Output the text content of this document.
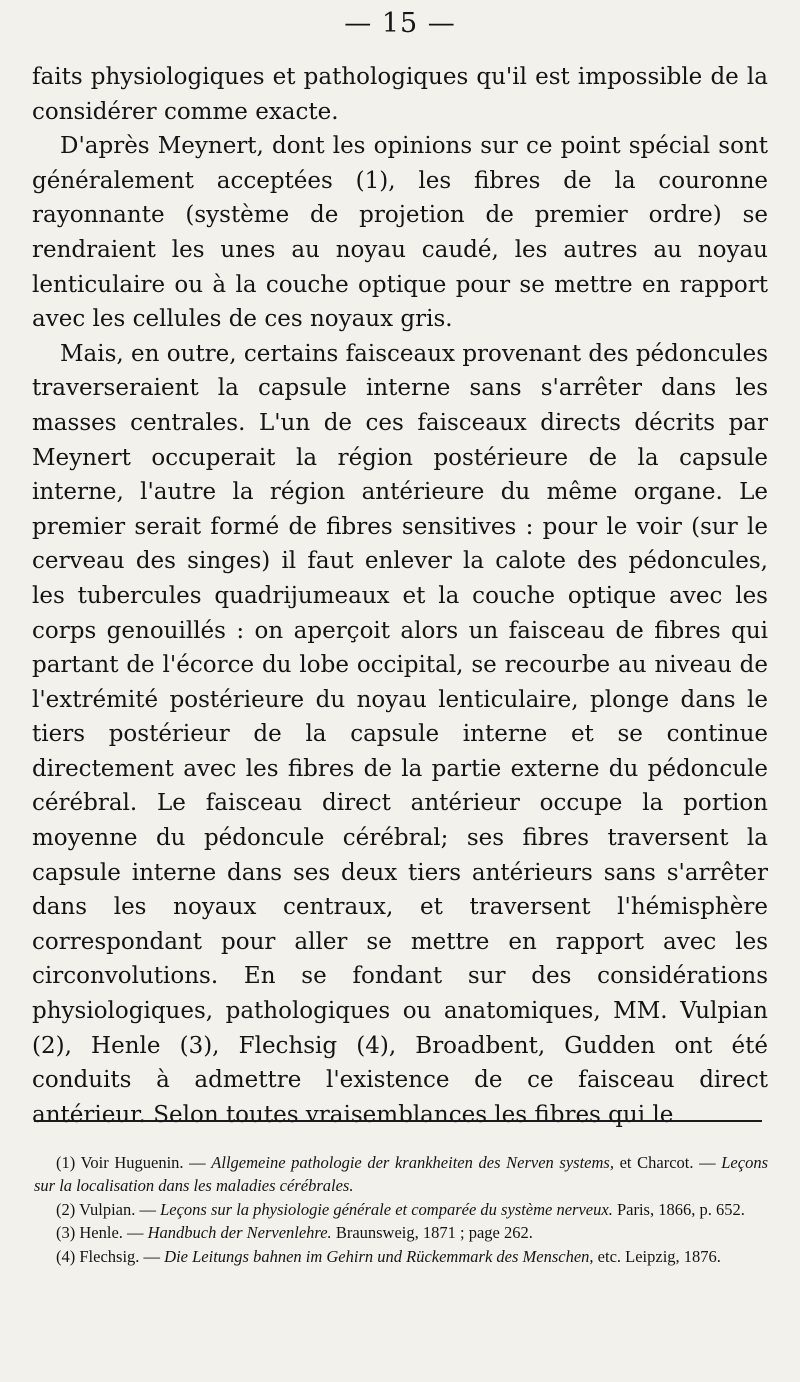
— 15 —

faits physiologiques et pathologiques qu'il est impossible de la considérer comme exacte.

D'après Meynert, dont les opinions sur ce point spécial sont généralement acceptées (1), les fibres de la couronne rayonnante (système de projetion de premier ordre) se rendraient les unes au noyau caudé, les autres au noyau lenticulaire ou à la couche optique pour se mettre en rapport avec les cellules de ces noyaux gris.

Mais, en outre, certains faisceaux provenant des pédoncules traverseraient la capsule interne sans s'arrêter dans les masses centrales. L'un de ces faisceaux directs décrits par Meynert occuperait la région postérieure de la capsule interne, l'autre la région antérieure du même organe. Le premier serait formé de fibres sensitives : pour le voir (sur le cerveau des singes) il faut enlever la calote des pédoncules, les tubercules quadrijumeaux et la couche optique avec les corps genouillés : on aperçoit alors un faisceau de fibres qui partant de l'écorce du lobe occipital, se recourbe au niveau de l'extrémité postérieure du noyau lenticulaire, plonge dans le tiers postérieur de la capsule interne et se continue directement avec les fibres de la partie externe du pédoncule cérébral. Le faisceau direct antérieur occupe la portion moyenne du pédoncule cérébral; ses fibres traversent la capsule interne dans ses deux tiers antérieurs sans s'arrêter dans les noyaux centraux, et traversent l'hémisphère correspondant pour aller se mettre en rapport avec les circonvolutions. En se fondant sur des considérations physiologiques, pathologiques ou anatomiques, MM. Vulpian (2), Henle (3), Flechsig (4), Broadbent, Gudden ont été conduits à admettre l'existence de ce faisceau direct antérieur. Selon toutes vraisemblances les fibres qui le

(1) Voir Huguenin. — Allgemeine pathologie der krankheiten des Nerven systems, et Charcot. — Leçons sur la localisation dans les maladies cérébrales.

(2) Vulpian. — Leçons sur la physiologie générale et comparée du système nerveux. Paris, 1866, p. 652.

(3) Henle. — Handbuch der Nervenlehre. Braunsweig, 1871 ; page 262.

(4) Flechsig. — Die Leitungs bahnen im Gehirn und Rückemmark des Menschen, etc. Leipzig, 1876.
